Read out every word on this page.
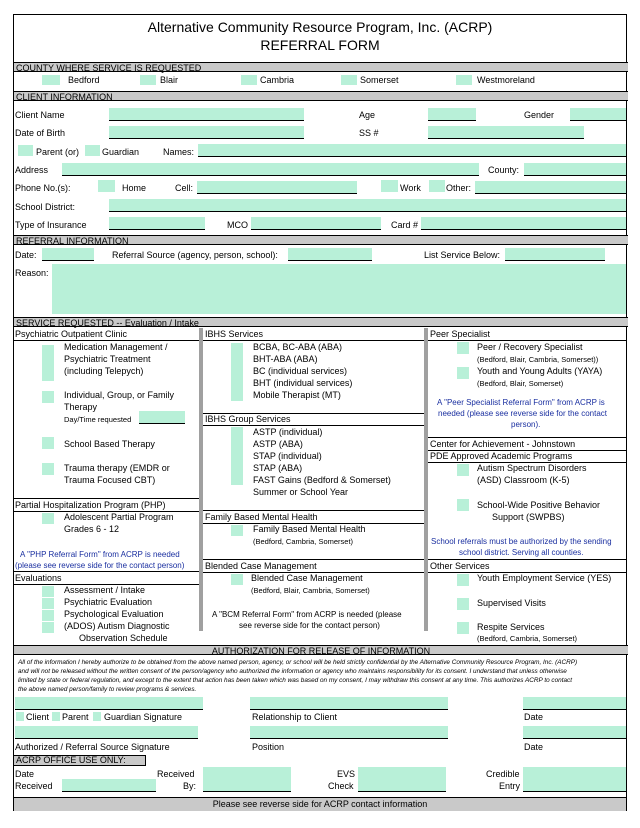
Alternative Community Resource Program, Inc. (ACRP)
REFERRAL FORM
COUNTY WHERE SERVICE IS REQUESTED
Bedford	Blair	Cambria	Somerset	Westmoreland
CLIENT INFORMATION
Client Name	Age	Gender
Date of Birth	SS #
Parent (or)	Guardian	Names:
Address	County:
Phone No.(s):	Home	Cell:	Work	Other:
School District:
Type of Insurance	MCO	Card #
REFERRAL INFORMATION
Date:	Referral Source (agency, person, school):	List Service Below:
Reason:
SERVICE REQUESTED -- Evaluation / Intake
Psychiatric Outpatient Clinic
Medication Management /
Psychiatric Treatment
(including Telepych)
Individual, Group, or Family
Therapy
Day/Time requested
School Based Therapy
Trauma therapy (EMDR or
Trauma Focused CBT)
Partial Hospitalization Program (PHP)
Adolescent Partial Program
Grades 6 - 12
A "PHP Referral Form" from ACRP is needed
(please see reverse side for the contact person)
Evaluations
Assessment / Intake
Psychiatric Evaluation
Psychological Evaluation
(ADOS) Autism Diagnostic
Observation Schedule
IBHS Services
BCBA, BC-ABA (ABA)
BHT-ABA (ABA)
BC (individual services)
BHT (individual services)
Mobile Therapist (MT)
IBHS Group Services
ASTP (individual)
ASTP (ABA)
STAP (individual)
STAP (ABA)
FAST Gains (Bedford & Somerset)
Summer or School Year
Family Based Mental Health
Family Based Mental Health
(Bedford, Cambria, Somerset)
Blended Case Management
Blended Case Management
(Bedford, Blair, Cambria, Somerset)
A "BCM Referral Form" from ACRP is needed (please
see reverse side for the contact person)
Peer Specialist
Peer / Recovery Specialist
(Bedford, Blair, Cambria, Somerset))
Youth and Young Adults (YAYA)
(Bedford, Blair, Somerset)
A "Peer Specialist Referral Form" from ACRP is
needed (please see reverse side for the contact
person).
Center for Achievement - Johnstown
PDE Approved Academic Programs
Autism Spectrum Disorders
(ASD) Classroom (K-5)
School-Wide Positive Behavior
Support (SWPBS)
School referrals must be authorized by the sending
school district. Serving all counties.
Other Services
Youth Employment Service (YES)
Supervised Visits
Respite Services
(Bedford, Cambria, Somerset)
AUTHORIZATION FOR RELEASE OF INFORMATION
All of the information I hereby authorize to be obtained from the above named person, agency, or school will be held strictly confidential by the Alternative Community Resource Program, Inc. (ACRP)
and will not be released without the written consent of the person/agency who authorized the information or agency who maintains responsibility for its consent. I understand that unless otherwise
limited by state or federal regulation, and except to the extent that action has been taken which was based on my consent, I may withdraw this consent at any time. This authorizes ACRP to contact
the above named person/family to review programs & services.
Client Parent Guardian Signature	Relationship to Client	Date
Authorized / Referral Source Signature	Position	Date
ACRP OFFICE USE ONLY:
Date	Received	EVS	Credible
Received	By:	Check	Entry
Please see reverse side for ACRP contact information
